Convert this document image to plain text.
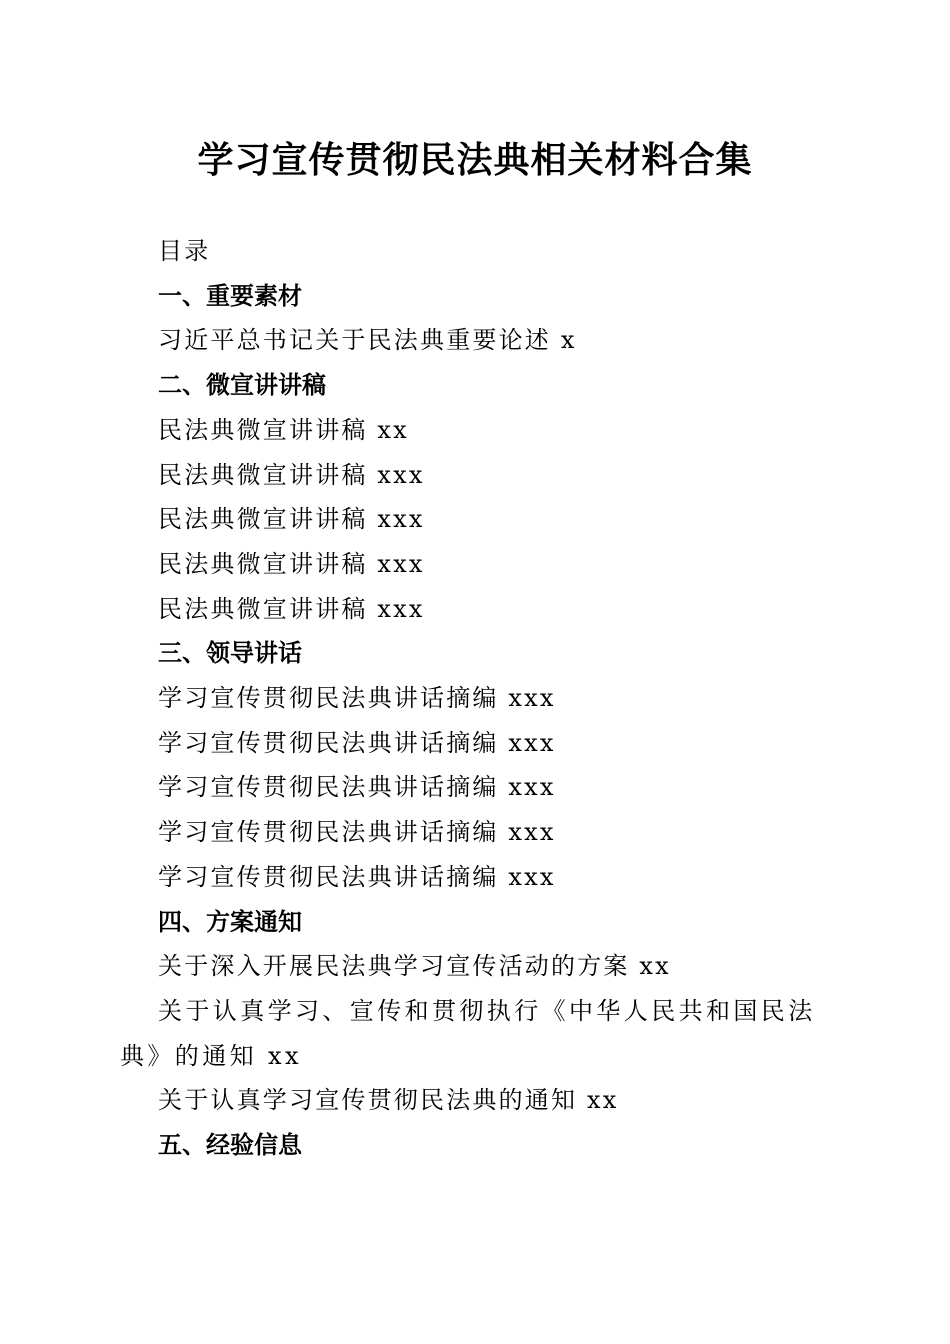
学习宣传贯彻民法典相关材料合集
目录
一、重要素材
习近平总书记关于民法典重要论述 x
二、微宣讲讲稿
民法典微宣讲讲稿 xx
民法典微宣讲讲稿 xxx
民法典微宣讲讲稿 xxx
民法典微宣讲讲稿 xxx
民法典微宣讲讲稿 xxx
三、领导讲话
学习宣传贯彻民法典讲话摘编 xxx
学习宣传贯彻民法典讲话摘编 xxx
学习宣传贯彻民法典讲话摘编 xxx
学习宣传贯彻民法典讲话摘编 xxx
学习宣传贯彻民法典讲话摘编 xxx
四、方案通知
关于深入开展民法典学习宣传活动的方案 xx
关于认真学习、宣传和贯彻执行《中华人民共和国民法典》的通知 xx
关于认真学习宣传贯彻民法典的通知 xx
五、经验信息
